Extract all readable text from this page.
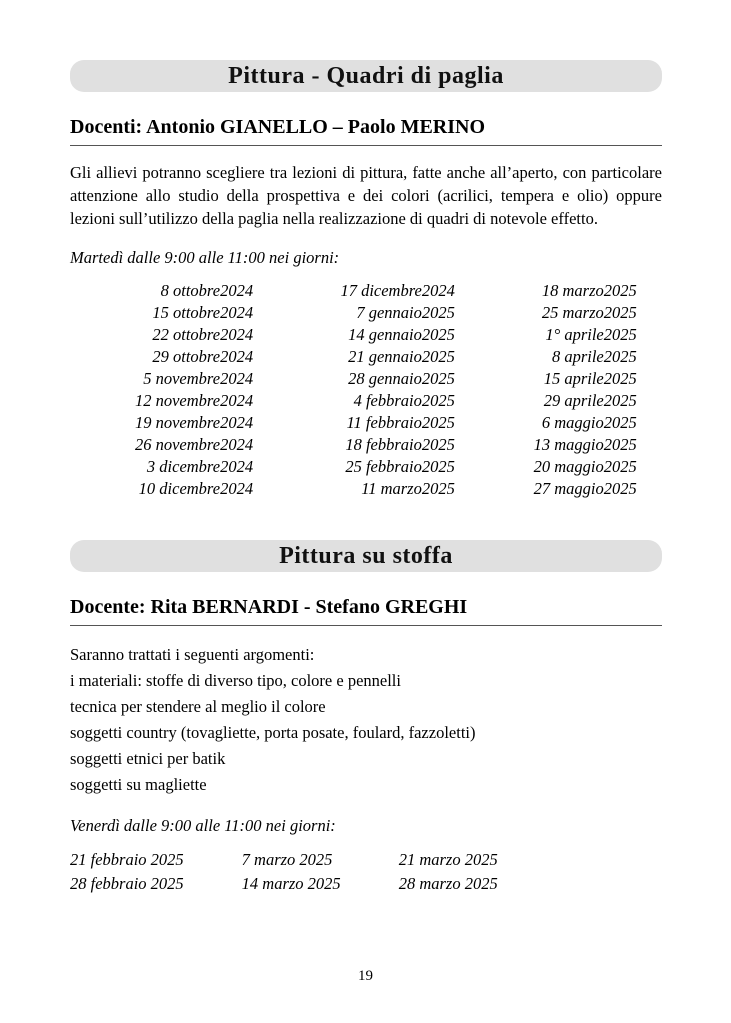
Pittura - Quadri di paglia
Docenti: Antonio GIANELLO – Paolo MERINO
Gli allievi potranno scegliere tra lezioni di pittura, fatte anche all’aperto, con particolare attenzione allo studio della prospettiva e dei colori (acrilici, tempera e olio) oppure lezioni sull’utilizzo della paglia nella realizzazione di quadri di notevole effetto.
Martedì dalle 9:00 alle 11:00 nei giorni:
8 ottobre	2024	17 dicembre	2024	18 marzo	2025
15 ottobre	2024	7 gennaio	2025	25 marzo	2025
22 ottobre	2024	14 gennaio	2025	1° aprile	2025
29 ottobre	2024	21 gennaio	2025	8 aprile	2025
5 novembre	2024	28 gennaio	2025	15 aprile	2025
12 novembre	2024	4 febbraio	2025	29 aprile	2025
19 novembre	2024	11 febbraio	2025	6 maggio	2025
26 novembre	2024	18 febbraio	2025	13 maggio	2025
3 dicembre	2024	25 febbraio	2025	20 maggio	2025
10 dicembre	2024	11 marzo	2025	27 maggio	2025
Pittura su stoffa
Docente: Rita BERNARDI - Stefano GREGHI
Saranno trattati i seguenti argomenti:
i materiali: stoffe di diverso tipo, colore e pennelli
tecnica per stendere al meglio il colore
soggetti country (tovagliette, porta posate, foulard, fazzoletti)
soggetti etnici per batik
soggetti su magliette
Venerdì dalle 9:00 alle 11:00 nei giorni:
21 febbraio 2025	7 marzo 2025	21 marzo 2025
28 febbraio 2025	14 marzo 2025	28 marzo 2025
19
